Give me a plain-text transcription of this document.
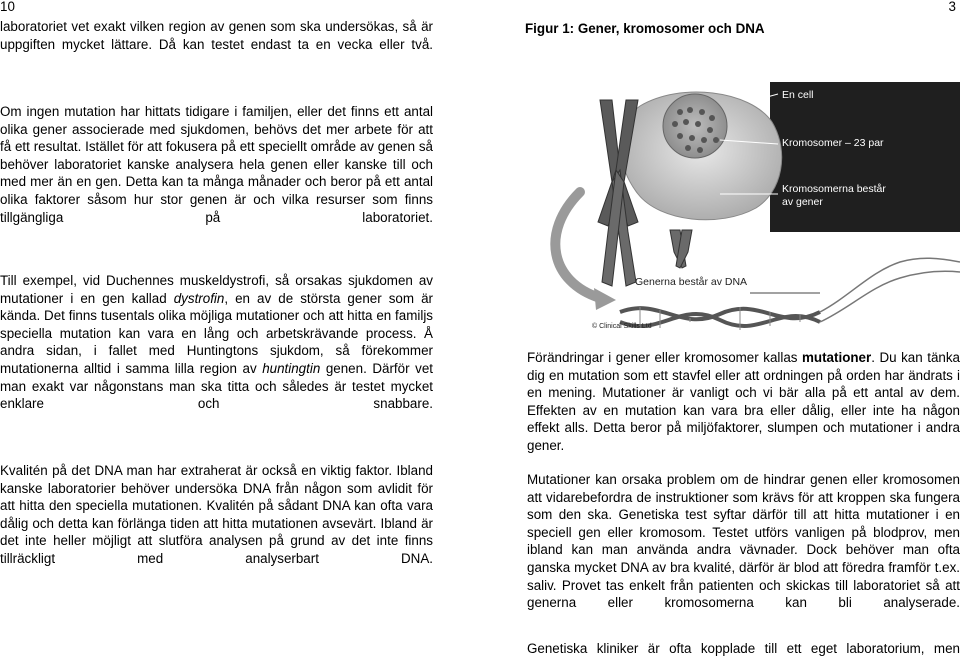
10	3

laboratoriet vet exakt vilken region av genen som ska undersökas, så är uppgiften mycket lättare. Då kan testet endast ta en vecka eller två.

Om ingen mutation har hittats tidigare i familjen, eller det finns ett antal olika gener associerade med sjukdomen, behövs det mer arbete för att få ett resultat. Istället för att fokusera på ett speciellt område av genen så behöver laboratoriet kanske analysera hela genen eller kanske till och med mer än en gen. Detta kan ta många månader och beror på ett antal olika faktorer såsom hur stor genen är och vilka resurser som finns tillgängliga på laboratoriet.

Till exempel, vid Duchennes muskeldystrofi, så orsakas sjukdomen av mutationer i en gen kallad dystrofin, en av de största gener som är kända. Det finns tusentals olika möjliga mutationer och att hitta en familjs speciella mutation kan vara en lång och arbetskrävande process. Å andra sidan, i fallet med Huntingtons sjukdom, så förekommer mutationerna alltid i samma lilla region av huntingtin genen. Därför vet man exakt var någonstans man ska titta och således är testet mycket enklare och snabbare.

Kvalitén på det DNA man har extraherat är också en viktig faktor. Ibland kanske laboratorier behöver undersöka DNA från någon som avlidit för att hitta den speciella mutationen. Kvalitén på sådant DNA kan ofta vara dålig och detta kan förlänga tiden att hitta mutationen avsevärt. Ibland är det inte heller möjligt att slutföra analysen på grund av det inte finns tillräckligt med analyserbart DNA.

Figur 1: Gener, kromosomer och DNA
En cell
Kromosomer – 23 par
Kromosomerna består
av gener
Generna består av DNA
© Clinical Skills Ltd

Förändringar i gener eller kromosomer kallas mutationer. Du kan tänka dig en mutation som ett stavfel eller att ordningen på orden har ändrats i en mening. Mutationer är vanligt och vi bär alla på ett antal av dem. Effekten av en mutation kan vara bra eller dålig, eller inte ha någon effekt alls. Detta beror på miljöfaktorer, slumpen och mutationer i andra gener.

Mutationer kan orsaka problem om de hindrar genen eller kromosomen att vidarebefordra de instruktioner som krävs för att kroppen ska fungera som den ska. Genetiska test syftar därför till att hitta mutationer i en speciell gen eller kromosom. Testet utförs vanligen på blodprov, men ibland kan man använda andra vävnader. Dock behöver man ofta ganska mycket DNA av bra kvalité, därför är blod att föredra framför t.ex. saliv. Provet tas enkelt från patienten och skickas till laboratoriet så att generna eller kromosomerna kan bli analyserade.

Genetiska kliniker är ofta kopplade till ett eget laboratorium, men
